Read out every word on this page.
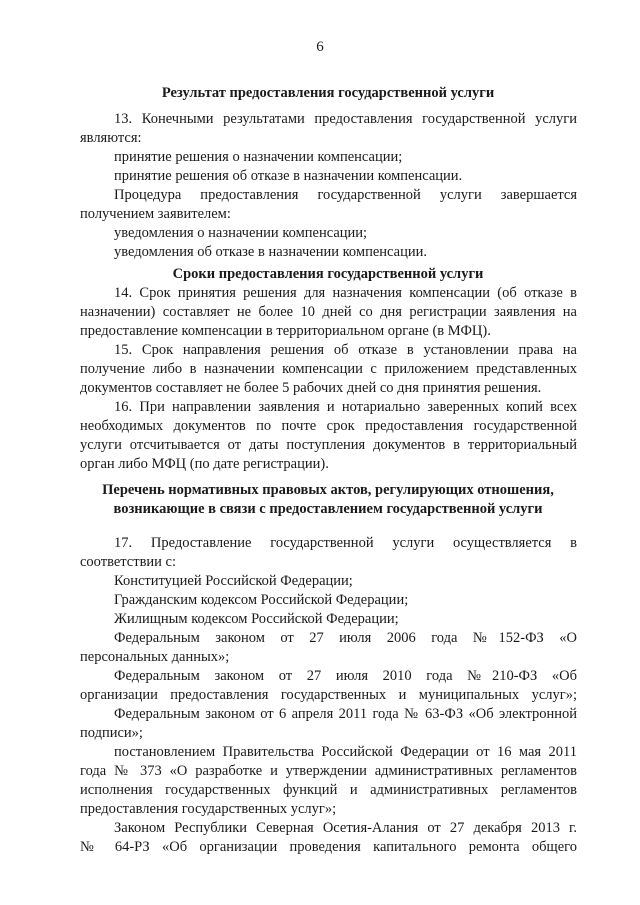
6
Результат предоставления государственной услуги
13. Конечными результатами предоставления государственной услуги
являются:
принятие решения о назначении компенсации;
принятие решения об отказе в назначении компенсации.
Процедура предоставления государственной услуги завершается
получением заявителем:
уведомления о назначении компенсации;
уведомления об отказе в назначении компенсации.
Сроки предоставления государственной услуги
14. Срок принятия решения для назначения компенсации (об отказе в
назначении) составляет не более 10 дней со дня регистрации заявления на
предоставление компенсации в территориальном органе (в МФЦ).
15. Срок направления решения об отказе в установлении права на
получение либо в назначении компенсации с приложением представленных
документов составляет не более 5 рабочих дней со дня принятия решения.
16. При направлении заявления и нотариально заверенных копий всех
необходимых документов по почте срок предоставления государственной
услуги отсчитывается от даты поступления документов в территориальный
орган либо МФЦ (по дате регистрации).
Перечень нормативных правовых актов, регулирующих отношения,
возникающие в связи с предоставлением государственной услуги
17. Предоставление государственной услуги осуществляется в
соответствии с:
Конституцией Российской Федерации;
Гражданским кодексом Российской Федерации;
Жилищным кодексом Российской Федерации;
Федеральным законом от 27 июля 2006 года №152-ФЗ «О
персональных данных»;
Федеральным законом от 27 июля 2010 года №210-ФЗ «Об
организации предоставления государственных и муниципальных услуг»;
Федеральным законом от 6 апреля 2011 года № 63-ФЗ «Об электронной
подписи»;
постановлением Правительства Российской Федерации от 16 мая 2011
года № 373 «О разработке и утверждении административных регламентов
исполнения государственных функций и административных регламентов
предоставления государственных услуг»;
Законом Республики Северная Осетия-Алания от 27 декабря 2013 г.
№ 64-РЗ «Об организации проведения капитального ремонта общего
